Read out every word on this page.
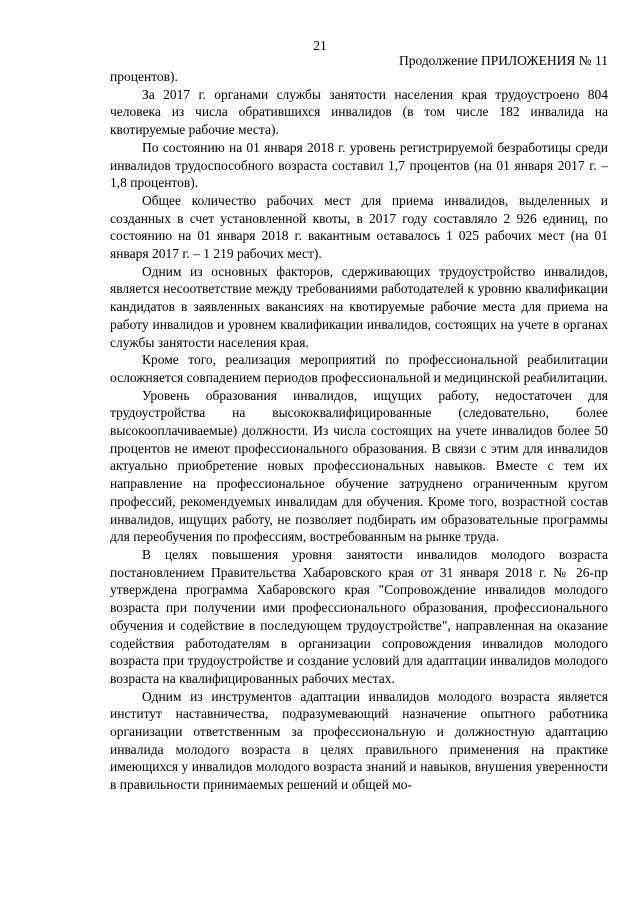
21

Продолжение ПРИЛОЖЕНИЯ № 11

процентов).

За 2017 г. органами службы занятости населения края трудоустроено 804 человека из числа обратившихся инвалидов (в том числе 182 инвалида на квотируемые рабочие места).

По состоянию на 01 января 2018 г. уровень регистрируемой безработицы среди инвалидов трудоспособного возраста составил 1,7 процентов (на 01 января 2017 г. – 1,8 процентов).

Общее количество рабочих мест для приема инвалидов, выделенных и созданных в счет установленной квоты, в 2017 году составляло 2 926 единиц, по состоянию на 01 января 2018 г. вакантным оставалось 1 025 рабочих мест (на 01 января 2017 г. – 1 219 рабочих мест).

Одним из основных факторов, сдерживающих трудоустройство инвалидов, является несоответствие между требованиями работодателей к уровню квалификации кандидатов в заявленных вакансиях на квотируемые рабочие места для приема на работу инвалидов и уровнем квалификации инвалидов, состоящих на учете в органах службы занятости населения края.

Кроме того, реализация мероприятий по профессиональной реабилитации осложняется совпадением периодов профессиональной и медицинской реабилитации.

Уровень образования инвалидов, ищущих работу, недостаточен для трудоустройства на высококвалифицированные (следовательно, более высокооплачиваемые) должности. Из числа состоящих на учете инвалидов более 50 процентов не имеют профессионального образования. В связи с этим для инвалидов актуально приобретение новых профессиональных навыков. Вместе с тем их направление на профессиональное обучение затруднено ограниченным кругом профессий, рекомендуемых инвалидам для обучения. Кроме того, возрастной состав инвалидов, ищущих работу, не позволяет подбирать им образовательные программы для переобучения по профессиям, востребованным на рынке труда.

В целях повышения уровня занятости инвалидов молодого возраста постановлением Правительства Хабаровского края от 31 января 2018 г. № 26-пр утверждена программа Хабаровского края "Сопровождение инвалидов молодого возраста при получении ими профессионального образования, профессионального обучения и содействие в последующем трудоустройстве", направленная на оказание содействия работодателям в организации сопровождения инвалидов молодого возраста при трудоустройстве и создание условий для адаптации инвалидов молодого возраста на квалифицированных рабочих местах.

Одним из инструментов адаптации инвалидов молодого возраста является институт наставничества, подразумевающий назначение опытного работника организации ответственным за профессиональную и должностную адаптацию инвалида молодого возраста в целях правильного применения на практике имеющихся у инвалидов молодого возраста знаний и навыков, внушения уверенности в правильности принимаемых решений и общей мо-
